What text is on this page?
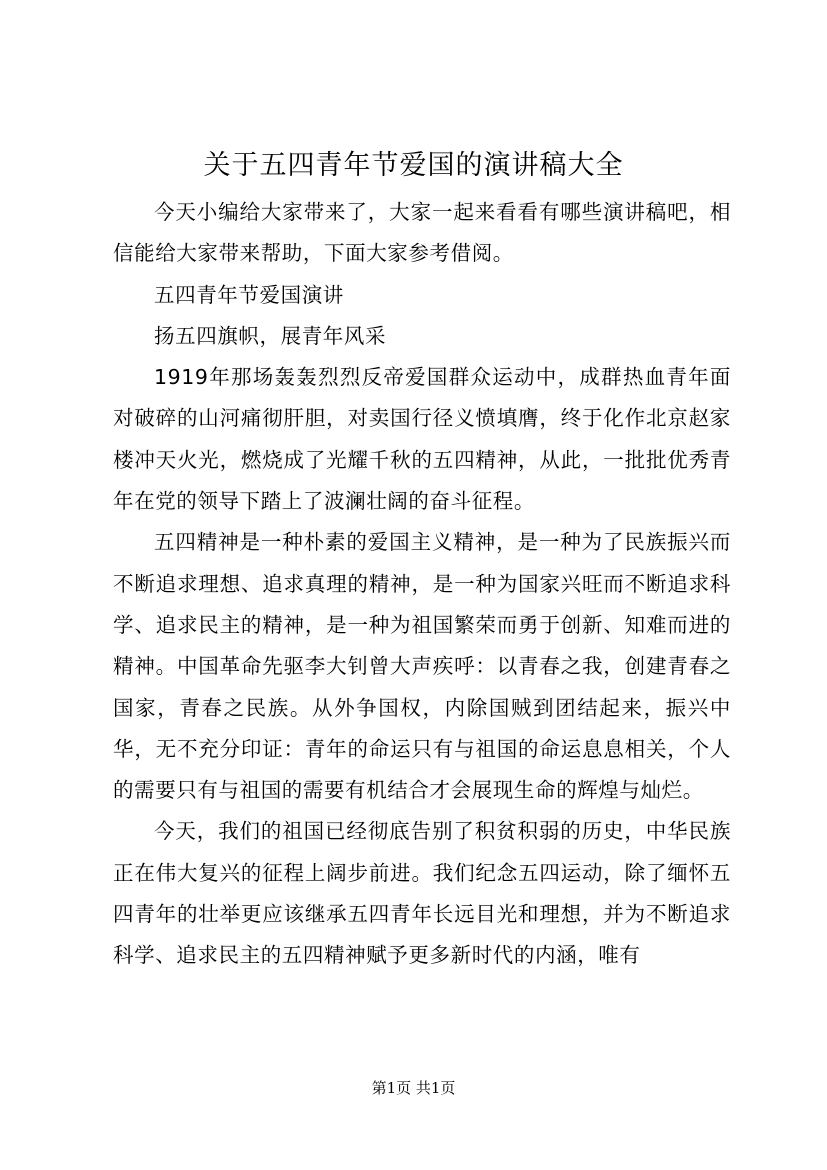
关于五四青年节爱国的演讲稿大全

今天小编给大家带来了，大家一起来看看有哪些演讲稿吧，相信能给大家带来帮助，下面大家参考借阅。

五四青年节爱国演讲

扬五四旗帜，展青年风采

1919年那场轰轰烈烈反帝爱国群众运动中，成群热血青年面对破碎的山河痛彻肝胆，对卖国行径义愤填膺，终于化作北京赵家楼冲天火光，燃烧成了光耀千秋的五四精神，从此，一批批优秀青年在党的领导下踏上了波澜壮阔的奋斗征程。

五四精神是一种朴素的爱国主义精神，是一种为了民族振兴而不断追求理想、追求真理的精神，是一种为国家兴旺而不断追求科学、追求民主的精神，是一种为祖国繁荣而勇于创新、知难而进的精神。中国革命先驱李大钊曾大声疾呼：以青春之我，创建青春之国家，青春之民族。从外争国权，内除国贼到团结起来，振兴中华，无不充分印证：青年的命运只有与祖国的命运息息相关，个人的需要只有与祖国的需要有机结合才会展现生命的辉煌与灿烂。

今天，我们的祖国已经彻底告别了积贫积弱的历史，中华民族正在伟大复兴的征程上阔步前进。我们纪念五四运动，除了缅怀五四青年的壮举更应该继承五四青年长远目光和理想，并为不断追求科学、追求民主的五四精神赋予更多新时代的内涵，唯有

第1页 共1页
